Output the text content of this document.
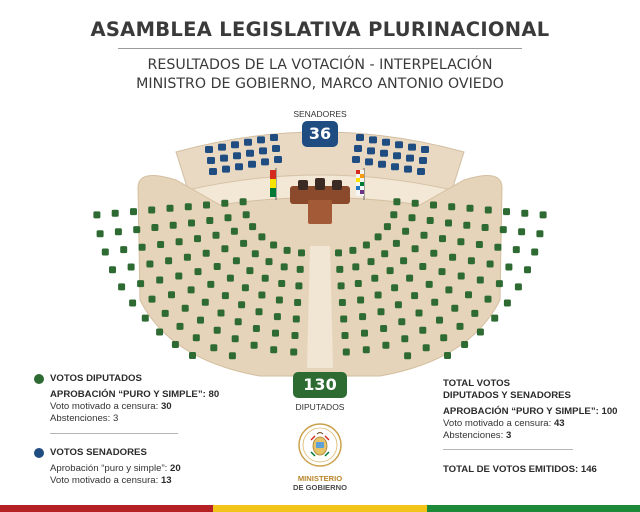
ASAMBLEA LEGISLATIVA PLURINACIONAL
RESULTADOS DE LA VOTACIÓN - INTERPELACIÓN
MINISTRO DE GOBIERNO, MARCO ANTONIO OVIEDO
SENADORES
36
130
DIPUTADOS
VOTOS DIPUTADOS
APROBACIÓN “PURO Y SIMPLE”: 80
Voto motivado a censura: 30
Abstenciones: 3
VOTOS SENADORES
Aprobación “puro y simple”: 20
Voto motivado a censura: 13	MINISTERIO
DE GOBIERNO
TOTAL VOTOS
DIPUTADOS Y SENADORES
APROBACIÓN “PURO Y SIMPLE”: 100
Voto motivado a censura: 43
Abstenciones: 3
TOTAL DE VOTOS EMITIDOS: 146
